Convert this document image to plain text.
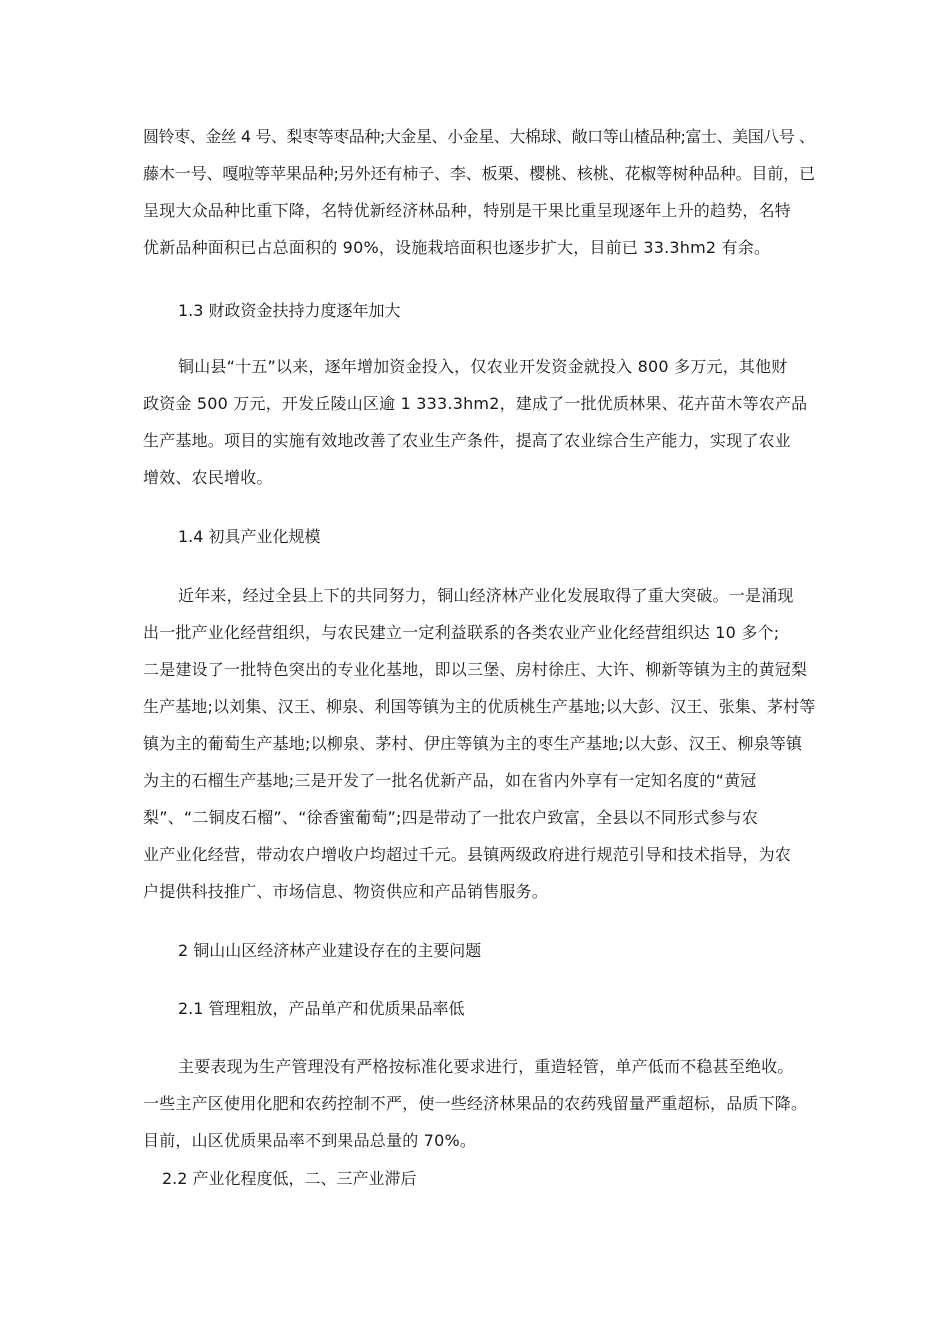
圆铃枣、金丝 4 号、梨枣等枣品种;大金星、小金星、大棉球、敞口等山楂品种;富士、美国八号 、
藤木一号、嘎啦等苹果品种;另外还有柿子、李、板栗、樱桃、核桃、花椒等树种品种。目前，已
呈现大众品种比重下降，名特优新经济林品种，特别是干果比重呈现逐年上升的趋势，名特
优新品种面积已占总面积的 90%，设施栽培面积也逐步扩大，目前已 33.3hm2 有余。

1.3 财政资金扶持力度逐年加大

铜山县“十五”以来，逐年增加资金投入，仅农业开发资金就投入 800 多万元，其他财
政资金 500 万元，开发丘陵山区逾 1 333.3hm2，建成了一批优质林果、花卉苗木等农产品
生产基地。项目的实施有效地改善了农业生产条件，提高了农业综合生产能力，实现了农业
增效、农民增收。

1.4 初具产业化规模

近年来，经过全县上下的共同努力，铜山经济林产业化发展取得了重大突破。一是涌现
出一批产业化经营组织，与农民建立一定利益联系的各类农业产业化经营组织达 10 多个;
二是建设了一批特色突出的专业化基地，即以三堡、房村徐庄、大许、柳新等镇为主的黄冠梨
生产基地;以刘集、汉王、柳泉、利国等镇为主的优质桃生产基地;以大彭、汉王、张集、茅村等
镇为主的葡萄生产基地;以柳泉、茅村、伊庄等镇为主的枣生产基地;以大彭、汉王、柳泉等镇
为主的石榴生产基地;三是开发了一批名优新产品，如在省内外享有一定知名度的“黄冠
梨”、“二铜皮石榴”、“徐香蜜葡萄”;四是带动了一批农户致富，全县以不同形式参与农
业产业化经营，带动农户增收户均超过千元。县镇两级政府进行规范引导和技术指导，为农
户提供科技推广、市场信息、物资供应和产品销售服务。

2 铜山山区经济林产业建设存在的主要问题
2.1 管理粗放，产品单产和优质果品率低

主要表现为生产管理没有严格按标准化要求进行，重造轻管，单产低而不稳甚至绝收。
一些主产区使用化肥和农药控制不严，使一些经济林果品的农药残留量严重超标，品质下降。
目前，山区优质果品率不到果品总量的 70%。

2.2 产业化程度低，二、三产业滞后
